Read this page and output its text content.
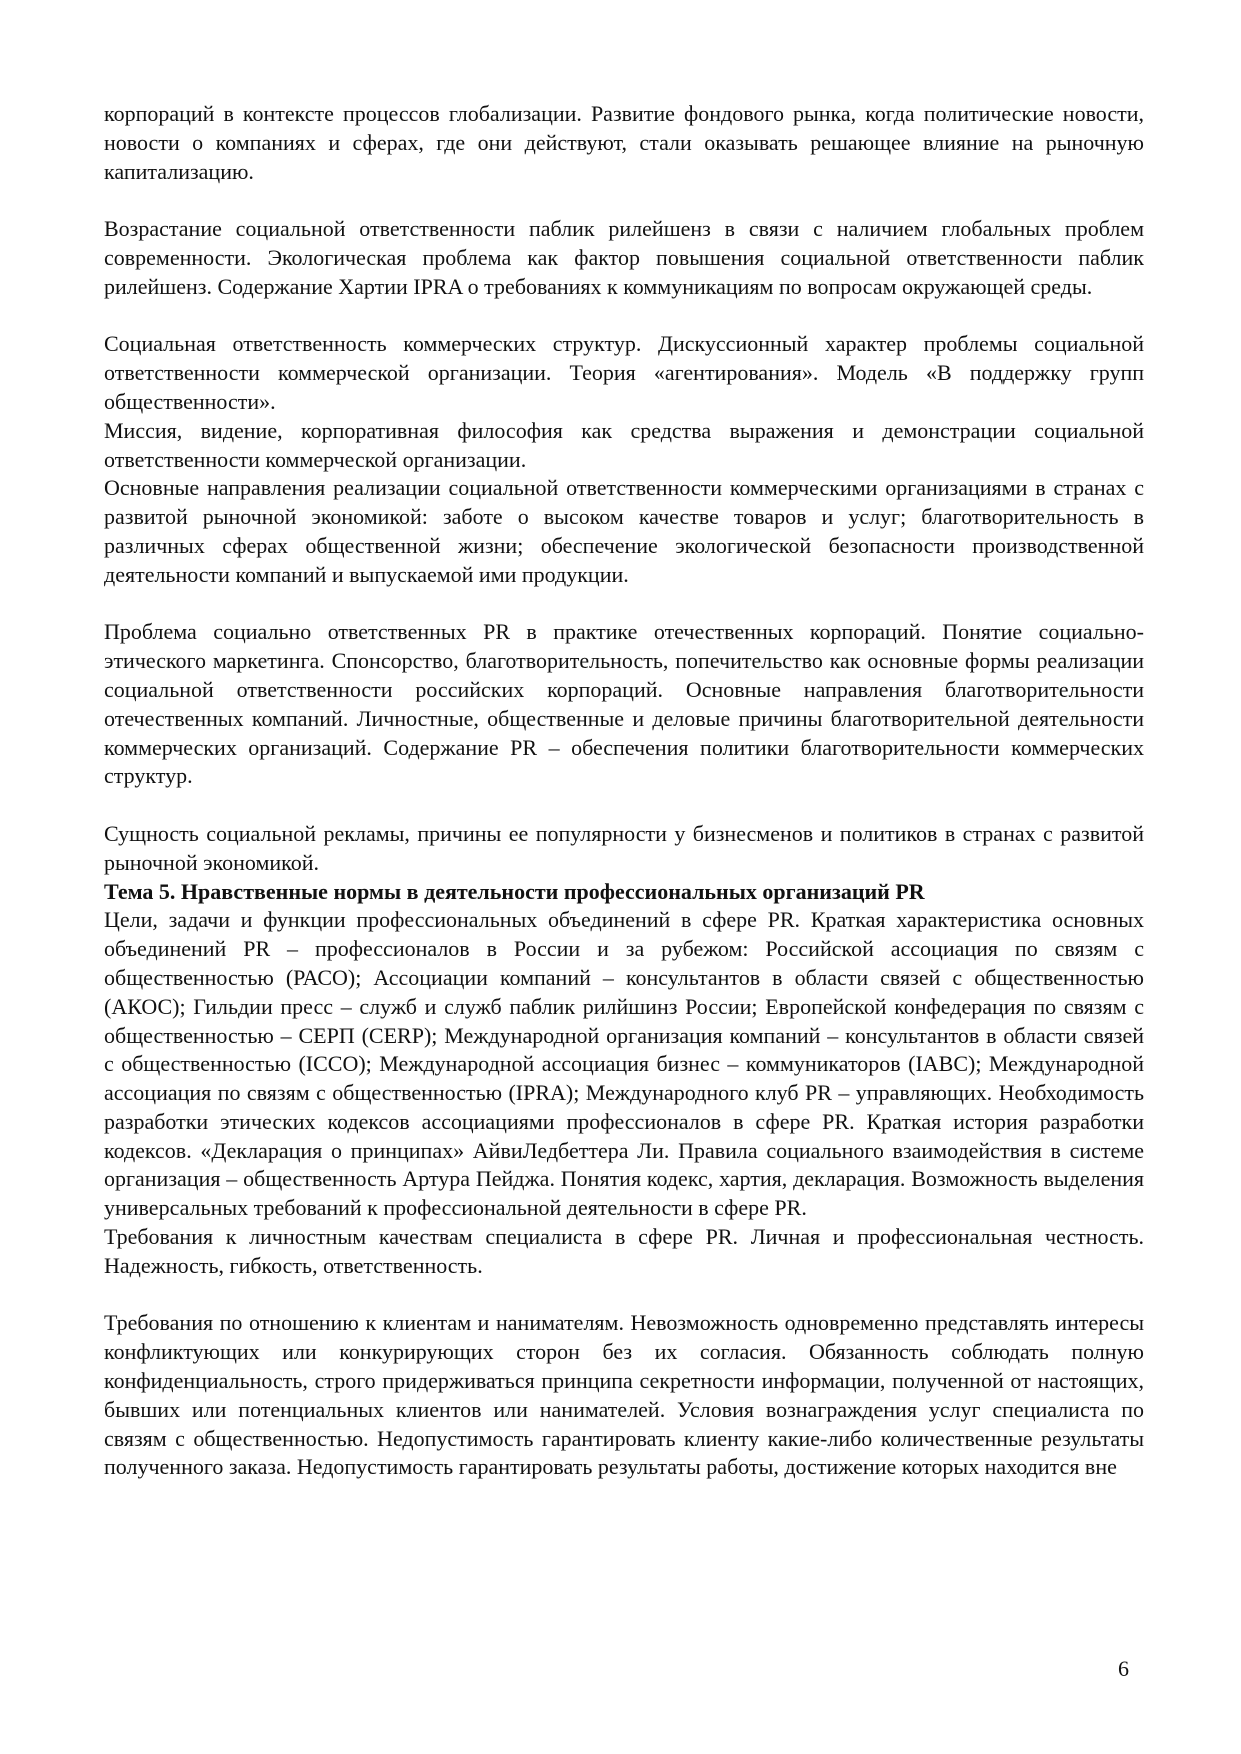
корпораций в контексте процессов глобализации. Развитие фондового рынка, когда политические новости, новости о компаниях и сферах, где они действуют, стали оказывать решающее влияние на рыночную капитализацию.

Возрастание социальной ответственности паблик рилейшенз в связи с наличием глобальных проблем современности. Экологическая проблема как фактор повышения социальной ответственности паблик рилейшенз. Содержание Хартии IPRA о требованиях к коммуникациям по вопросам окружающей среды.

Социальная ответственность коммерческих структур. Дискуссионный характер проблемы социальной ответственности коммерческой организации. Теория «агентирования». Модель «В поддержку групп общественности».

Миссия, видение, корпоративная философия как средства выражения и демонстрации социальной ответственности коммерческой организации.

Основные направления реализации социальной ответственности коммерческими организациями в странах с развитой рыночной экономикой: заботе о высоком качестве товаров и услуг; благотворительность в различных сферах общественной жизни; обеспечение экологической безопасности производственной деятельности компаний и выпускаемой ими продукции.

Проблема социально ответственных PR в практике отечественных корпораций. Понятие социально-этического маркетинга. Спонсорство, благотворительность, попечительство как основные формы реализации социальной ответственности российских корпораций. Основные направления благотворительности отечественных компаний. Личностные, общественные и деловые причины благотворительной деятельности коммерческих организаций. Содержание PR – обеспечения политики благотворительности коммерческих структур.

Сущность социальной рекламы, причины ее популярности у бизнесменов и политиков в странах с развитой рыночной экономикой.

Тема 5. Нравственные нормы в деятельности профессиональных организаций PR

Цели, задачи и функции профессиональных объединений в сфере PR. Краткая характеристика основных объединений PR – профессионалов в России и за рубежом: Российской ассоциация по связям с общественностью (РАСО); Ассоциации компаний – консультантов в области связей с общественностью (АКОС); Гильдии пресс – служб и служб паблик рилйшинз России; Европейской конфедерация по связям с общественностью – СЕРП (CERP); Международной организация компаний – консультантов в области связей с общественностью (ICCO); Международной ассоциация бизнес – коммуникаторов (IABC); Международной ассоциация по связям с общественностью (IPRA); Международного клуб PR – управляющих. Необходимость разработки этических кодексов ассоциациями профессионалов в сфере PR. Краткая история разработки кодексов. «Декларация о принципах» АйвиЛедбеттера Ли. Правила социального взаимодействия в системе организация – общественность Артура Пейджа. Понятия кодекс, хартия, декларация. Возможность выделения универсальных требований к профессиональной деятельности в сфере PR.

Требования к личностным качествам специалиста в сфере PR. Личная и профессиональная честность. Надежность, гибкость, ответственность.

Требования по отношению к клиентам и нанимателям. Невозможность одновременно представлять интересы конфликтующих или конкурирующих сторон без их согласия. Обязанность соблюдать полную конфиденциальность, строго придерживаться принципа секретности информации, полученной от настоящих, бывших или потенциальных клиентов или нанимателей. Условия вознаграждения услуг специалиста по связям с общественностью. Недопустимость гарантировать клиенту какие-либо количественные результаты полученного заказа. Недопустимость гарантировать результаты работы, достижение которых находится вне

6
